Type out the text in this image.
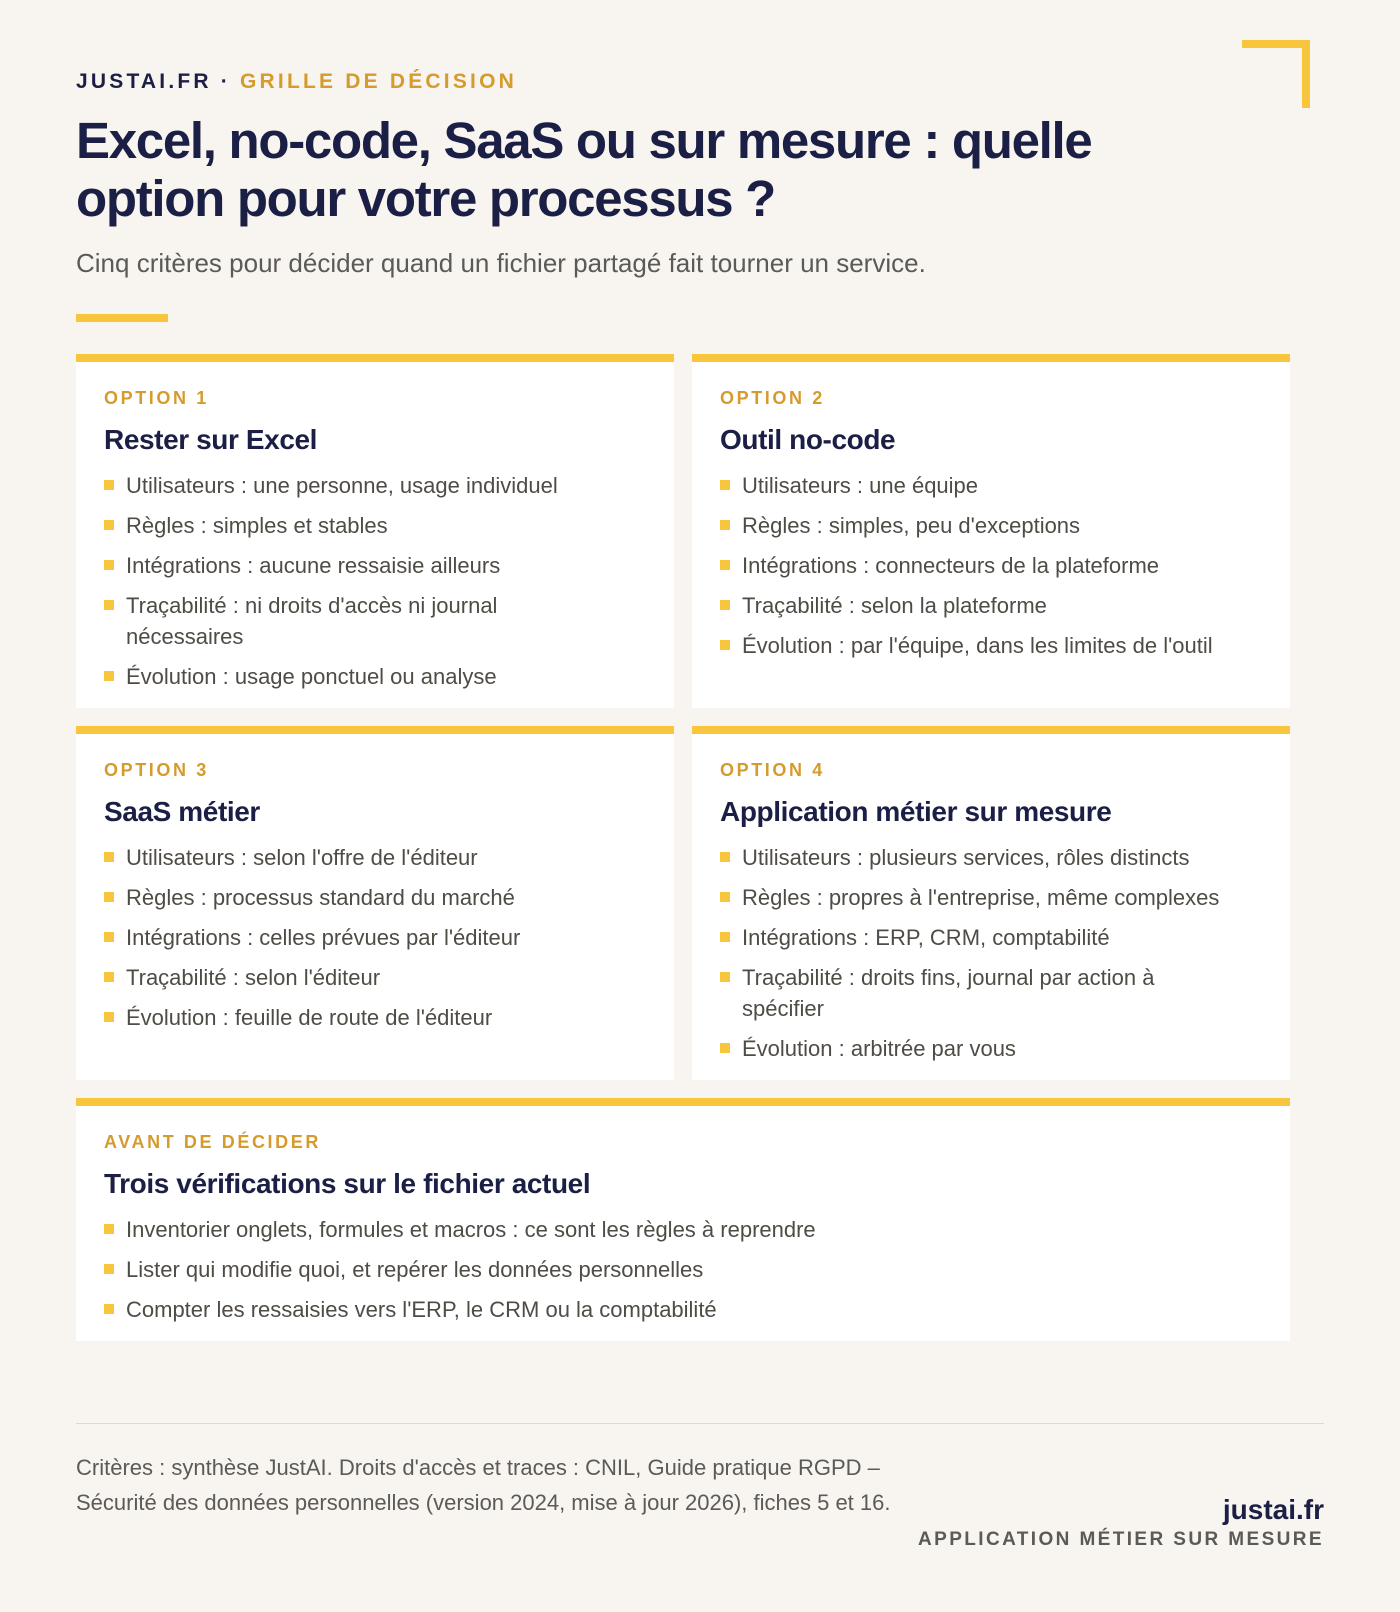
JUSTAI.FR · GRILLE DE DÉCISION
Excel, no-code, SaaS ou sur mesure : quelle option pour votre processus ?

Cinq critères pour décider quand un fichier partagé fait tourner un service.

OPTION 1
Rester sur Excel
Utilisateurs : une personne, usage individuel
Règles : simples et stables
Intégrations : aucune ressaisie ailleurs
Traçabilité : ni droits d'accès ni journal nécessaires
Évolution : usage ponctuel ou analyse
OPTION 2
Outil no-code
Utilisateurs : une équipe
Règles : simples, peu d'exceptions
Intégrations : connecteurs de la plateforme
Traçabilité : selon la plateforme
Évolution : par l'équipe, dans les limites de l'outil
OPTION 3
SaaS métier
Utilisateurs : selon l'offre de l'éditeur
Règles : processus standard du marché
Intégrations : celles prévues par l'éditeur
Traçabilité : selon l'éditeur
Évolution : feuille de route de l'éditeur
OPTION 4
Application métier sur mesure
Utilisateurs : plusieurs services, rôles distincts
Règles : propres à l'entreprise, même complexes
Intégrations : ERP, CRM, comptabilité
Traçabilité : droits fins, journal par action à spécifier
Évolution : arbitrée par vous
AVANT DE DÉCIDER
Trois vérifications sur le fichier actuel
Inventorier onglets, formules et macros : ce sont les règles à reprendre
Lister qui modifie quoi, et repérer les données personnelles
Compter les ressaisies vers l'ERP, le CRM ou la comptabilité

Critères : synthèse JustAI. Droits d'accès et traces : CNIL, Guide pratique RGPD – Sécurité des données personnelles (version 2024, mise à jour 2026), fiches 5 et 16.	justai.fr
APPLICATION MÉTIER SUR MESURE
